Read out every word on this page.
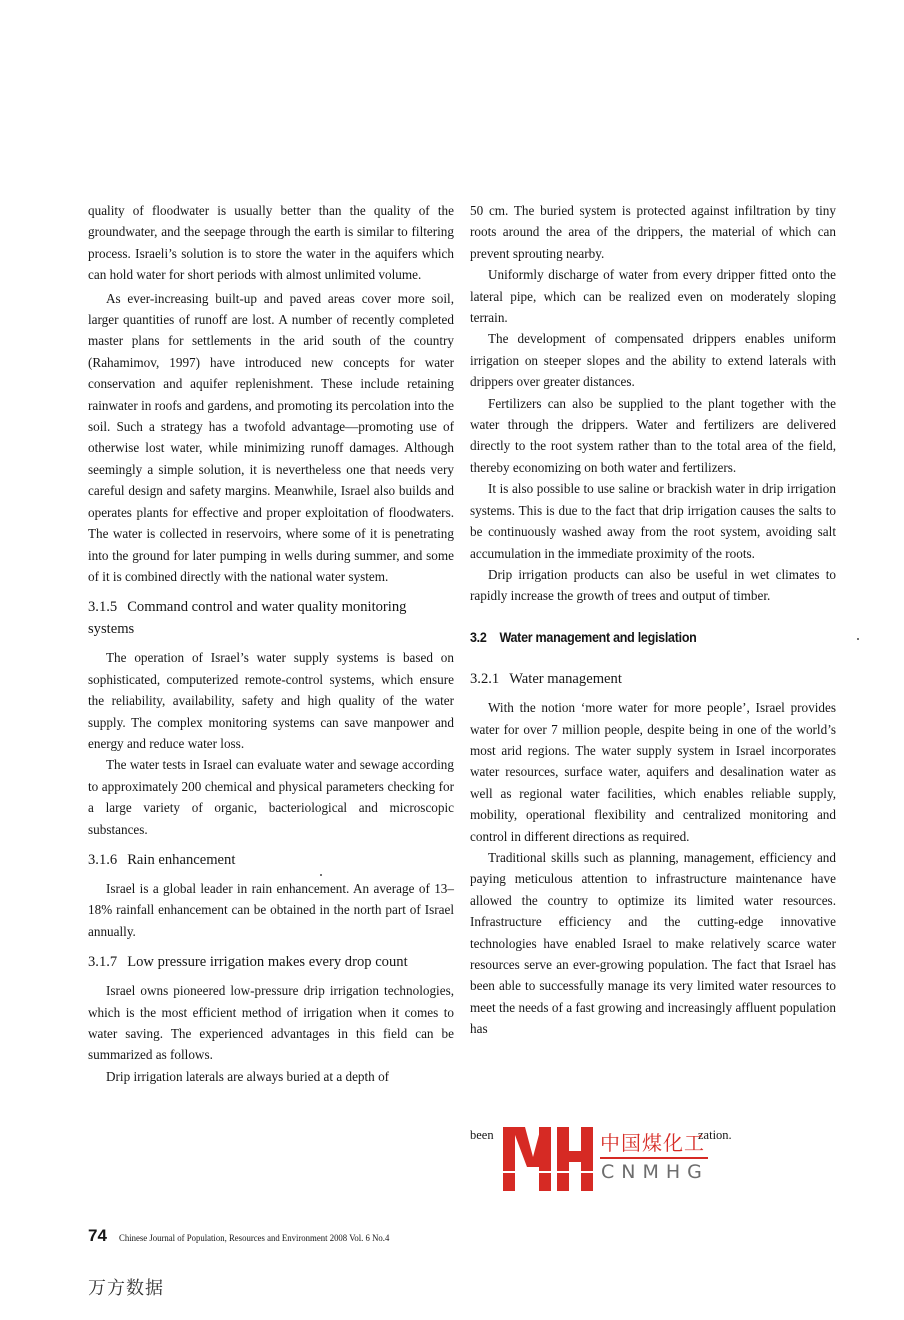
quality of floodwater is usually better than the quality of the groundwater, and the seepage through the earth is similar to filtering process. Israeli’s solution is to store the water in the aquifers which can hold water for short periods with almost unlimited volume.

As ever-increasing built-up and paved areas cover more soil, larger quantities of runoff are lost. A number of recently completed master plans for settlements in the arid south of the country (Rahamimov, 1997) have introduced new concepts for water conservation and aquifer replenishment. These include retaining rainwater in roofs and gardens, and promoting its percolation into the soil. Such a strategy has a twofold advantage—promoting use of otherwise lost water, while minimizing runoff damages. Although seemingly a simple solution, it is nevertheless one that needs very careful design and safety margins. Meanwhile, Israel also builds and operates plants for effective and proper exploitation of floodwaters. The water is collected in reservoirs, where some of it is penetrating into the ground for later pumping in wells during summer, and some of it is combined directly with the national water system.

3.1.5 Command control and water quality monitoring systems

The operation of Israel’s water supply systems is based on sophisticated, computerized remote-control systems, which ensure the reliability, availability, safety and high quality of the water supply. The complex monitoring systems can save manpower and energy and reduce water loss.

The water tests in Israel can evaluate water and sewage according to approximately 200 chemical and physical parameters checking for a large variety of organic, bacteriological and microscopic substances.

3.1.6 Rain enhancement

Israel is a global leader in rain enhancement. An average of 13–18% rainfall enhancement can be obtained in the north part of Israel annually.

3.1.7 Low pressure irrigation makes every drop count

Israel owns pioneered low-pressure drip irrigation technologies, which is the most efficient method of irrigation when it comes to water saving. The experienced advantages in this field can be summarized as follows.

Drip irrigation laterals are always buried at a depth of

50 cm. The buried system is protected against infiltration by tiny roots around the area of the drippers, the material of which can prevent sprouting nearby.

Uniformly discharge of water from every dripper fitted onto the lateral pipe, which can be realized even on moderately sloping terrain.

The development of compensated drippers enables uniform irrigation on steeper slopes and the ability to extend laterals with drippers over greater distances.

Fertilizers can also be supplied to the plant together with the water through the drippers. Water and fertilizers are delivered directly to the root system rather than to the total area of the field, thereby economizing on both water and fertilizers.

It is also possible to use saline or brackish water in drip irrigation systems. This is due to the fact that drip irrigation causes the salts to be continuously washed away from the root system, avoiding salt accumulation in the immediate proximity of the roots.

Drip irrigation products can also be useful in wet climates to rapidly increase the growth of trees and output of timber.

3.2 Water management and legislation
3.2.1 Water management

With the notion ‘more water for more people’, Israel provides water for over 7 million people, despite being in one of the world’s most arid regions. The water supply system in Israel incorporates water resources, surface water, aquifers and desalination water as well as regional water facilities, which enables reliable supply, mobility, operational flexibility and centralized monitoring and control in different directions as required.

Traditional skills such as planning, management, efficiency and paying meticulous attention to infrastructure maintenance have allowed the country to optimize its limited water resources. Infrastructure efficiency and the cutting-edge innovative technologies have enabled Israel to make relatively scarce water resources serve an ever-growing population. The fact that Israel has been able to successfully manage its very limited water resources to meet the needs of a fast growing and increasingly affluent population has

been	zation.
中国煤化工
CNMHG
74 Chinese Journal of Population, Resources and Environment 2008 Vol. 6 No.4
万方数据
